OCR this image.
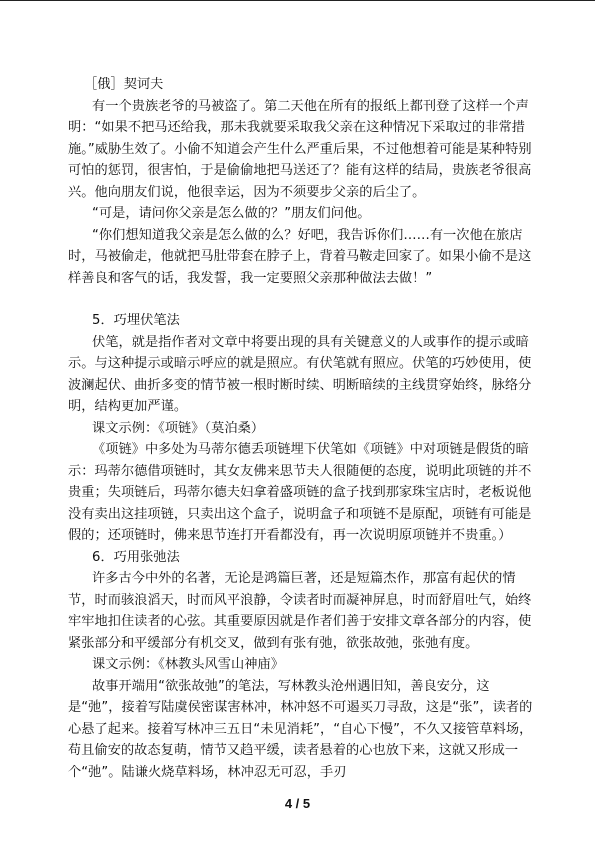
［俄］契诃夫

有一个贵族老爷的马被盗了。第二天他在所有的报纸上都刊登了这样一个声明：“如果不把马还给我，那未我就要采取我父亲在这种情况下采取过的非常措施。”威胁生效了。小偷不知道会产生什么严重后果，不过他想着可能是某种特别可怕的惩罚，很害怕，于是偷偷地把马送还了？能有这样的结局，贵族老爷很高兴。他向朋友们说，他很幸运，因为不须要步父亲的后尘了。

“可是，请问你父亲是怎么做的？”朋友们问他。

“你们想知道我父亲是怎么做的么？好吧，我告诉你们……有一次他在旅店时，马被偷走，他就把马肚带套在脖子上，背着马鞍走回家了。如果小偷不是这样善良和客气的话，我发誓，我一定要照父亲那种做法去做！”

5．巧埋伏笔法

伏笔，就是指作者对文章中将要出现的具有关键意义的人或事作的提示或暗示。与这种提示或暗示呼应的就是照应。有伏笔就有照应。伏笔的巧妙使用，使波澜起伏、曲折多变的情节被一根时断时续、明断暗续的主线贯穿始终，脉络分明，结构更加严谨。

课文示例：《项链》（莫泊桑）

《项链》中多处为马蒂尔德丢项链埋下伏笔如《项链》中对项链是假货的暗示：玛蒂尔德借项链时，其女友佛来思节夫人很随便的态度，说明此项链的并不贵重；失项链后，玛蒂尔德夫妇拿着盛项链的盒子找到那家珠宝店时，老板说他没有卖出这挂项链，只卖出这个盒子，说明盒子和项链不是原配，项链有可能是假的；还项链时，佛来思节连打开看都没有，再一次说明原项链并不贵重。）

6．巧用张弛法

许多古今中外的名著，无论是鸿篇巨著，还是短篇杰作，那富有起伏的情节，时而骇浪滔天，时而风平浪静，令读者时而凝神屏息，时而舒眉吐气，始终牢牢地扣住读者的心弦。其重要原因就是作者们善于安排文章各部分的内容，使紧张部分和平缓部分有机交叉，做到有张有弛，欲张故弛，张弛有度。

课文示例：《林教头风雪山神庙》

故事开端用“欲张故弛”的笔法，写林教头沧州遇旧知，善良安分，这是“弛”，接着写陆虞侯密谋害林冲，林冲怒不可遏买刀寻敌，这是“张”，读者的心悬了起来。接着写林冲三五日“未见消耗”，“自心下慢”，不久又接管草料场，苟且偷安的故态复萌，情节又趋平缓，读者悬着的心也放下来，这就又形成一个“弛”。陆谦火烧草料场，林冲忍无可忍，手刃

4 / 5
